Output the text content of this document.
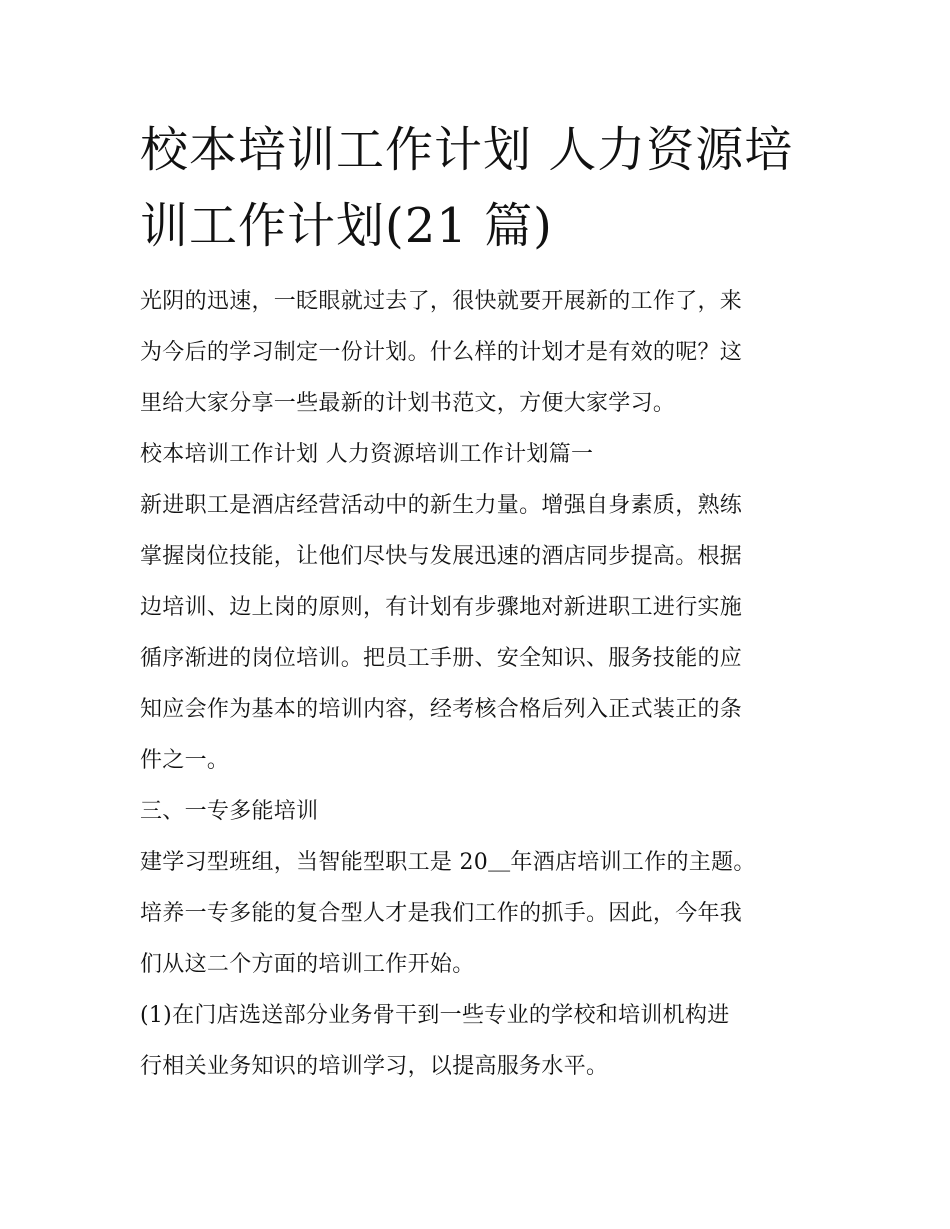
校本培训工作计划 人力资源培
训工作计划(21 篇)
光阴的迅速，一眨眼就过去了，很快就要开展新的工作了，来
为今后的学习制定一份计划。什么样的计划才是有效的呢？这
里给大家分享一些最新的计划书范文，方便大家学习。
校本培训工作计划 人力资源培训工作计划篇一
新进职工是酒店经营活动中的新生力量。增强自身素质，熟练
掌握岗位技能，让他们尽快与发展迅速的酒店同步提高。根据
边培训、边上岗的原则，有计划有步骤地对新进职工进行实施
循序渐进的岗位培训。把员工手册、安全知识、服务技能的应
知应会作为基本的培训内容，经考核合格后列入正式装正的条
件之一。
三、一专多能培训
建学习型班组，当智能型职工是 20＿年酒店培训工作的主题。
培养一专多能的复合型人才是我们工作的抓手。因此，今年我
们从这二个方面的培训工作开始。
(1)在门店选送部分业务骨干到一些专业的学校和培训机构进
行相关业务知识的培训学习，以提高服务水平。
